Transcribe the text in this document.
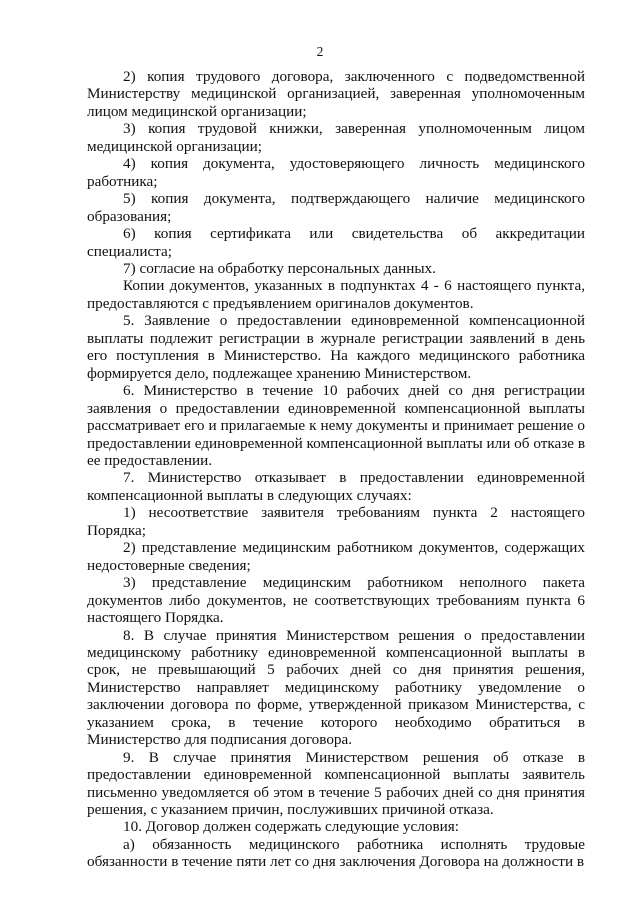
2

2) копия трудового договора, заключенного с подведомственной Министерству медицинской организацией, заверенная уполномоченным лицом медицинской организации;

3) копия трудовой книжки, заверенная уполномоченным лицом медицинской организации;

4) копия документа, удостоверяющего личность медицинского работника;

5) копия документа, подтверждающего наличие медицинского образования;

6) копия сертификата или свидетельства об аккредитации специалиста;

7) согласие на обработку персональных данных.

Копии документов, указанных в подпунктах 4 - 6 настоящего пункта, предоставляются с предъявлением оригиналов документов.

5. Заявление о предоставлении единовременной компенсационной выплаты подлежит регистрации в журнале регистрации заявлений в день его поступления в Министерство. На каждого медицинского работника формируется дело, подлежащее хранению Министерством.

6. Министерство в течение 10 рабочих дней со дня регистрации заявления о предоставлении единовременной компенсационной выплаты рассматривает его и прилагаемые к нему документы и принимает решение о предоставлении единовременной компенсационной выплаты или об отказе в ее предоставлении.

7. Министерство отказывает в предоставлении единовременной компенсационной выплаты в следующих случаях:

1) несоответствие заявителя требованиям пункта 2 настоящего Порядка;

2) представление медицинским работником документов, содержащих недостоверные сведения;

3) представление медицинским работником неполного пакета документов либо документов, не соответствующих требованиям пункта 6 настоящего Порядка.

8. В случае принятия Министерством решения о предоставлении медицинскому работнику единовременной компенсационной выплаты в срок, не превышающий 5 рабочих дней со дня принятия решения, Министерство направляет медицинскому работнику уведомление о заключении договора по форме, утвержденной приказом Министерства, с указанием срока, в течение которого необходимо обратиться в Министерство для подписания договора.

9. В случае принятия Министерством решения об отказе в предоставлении единовременной компенсационной выплаты заявитель письменно уведомляется об этом в течение 5 рабочих дней со дня принятия решения, с указанием причин, послуживших причиной отказа.

10. Договор должен содержать следующие условия:

а) обязанность медицинского работника исполнять трудовые обязанности в течение пяти лет со дня заключения Договора на должности в
